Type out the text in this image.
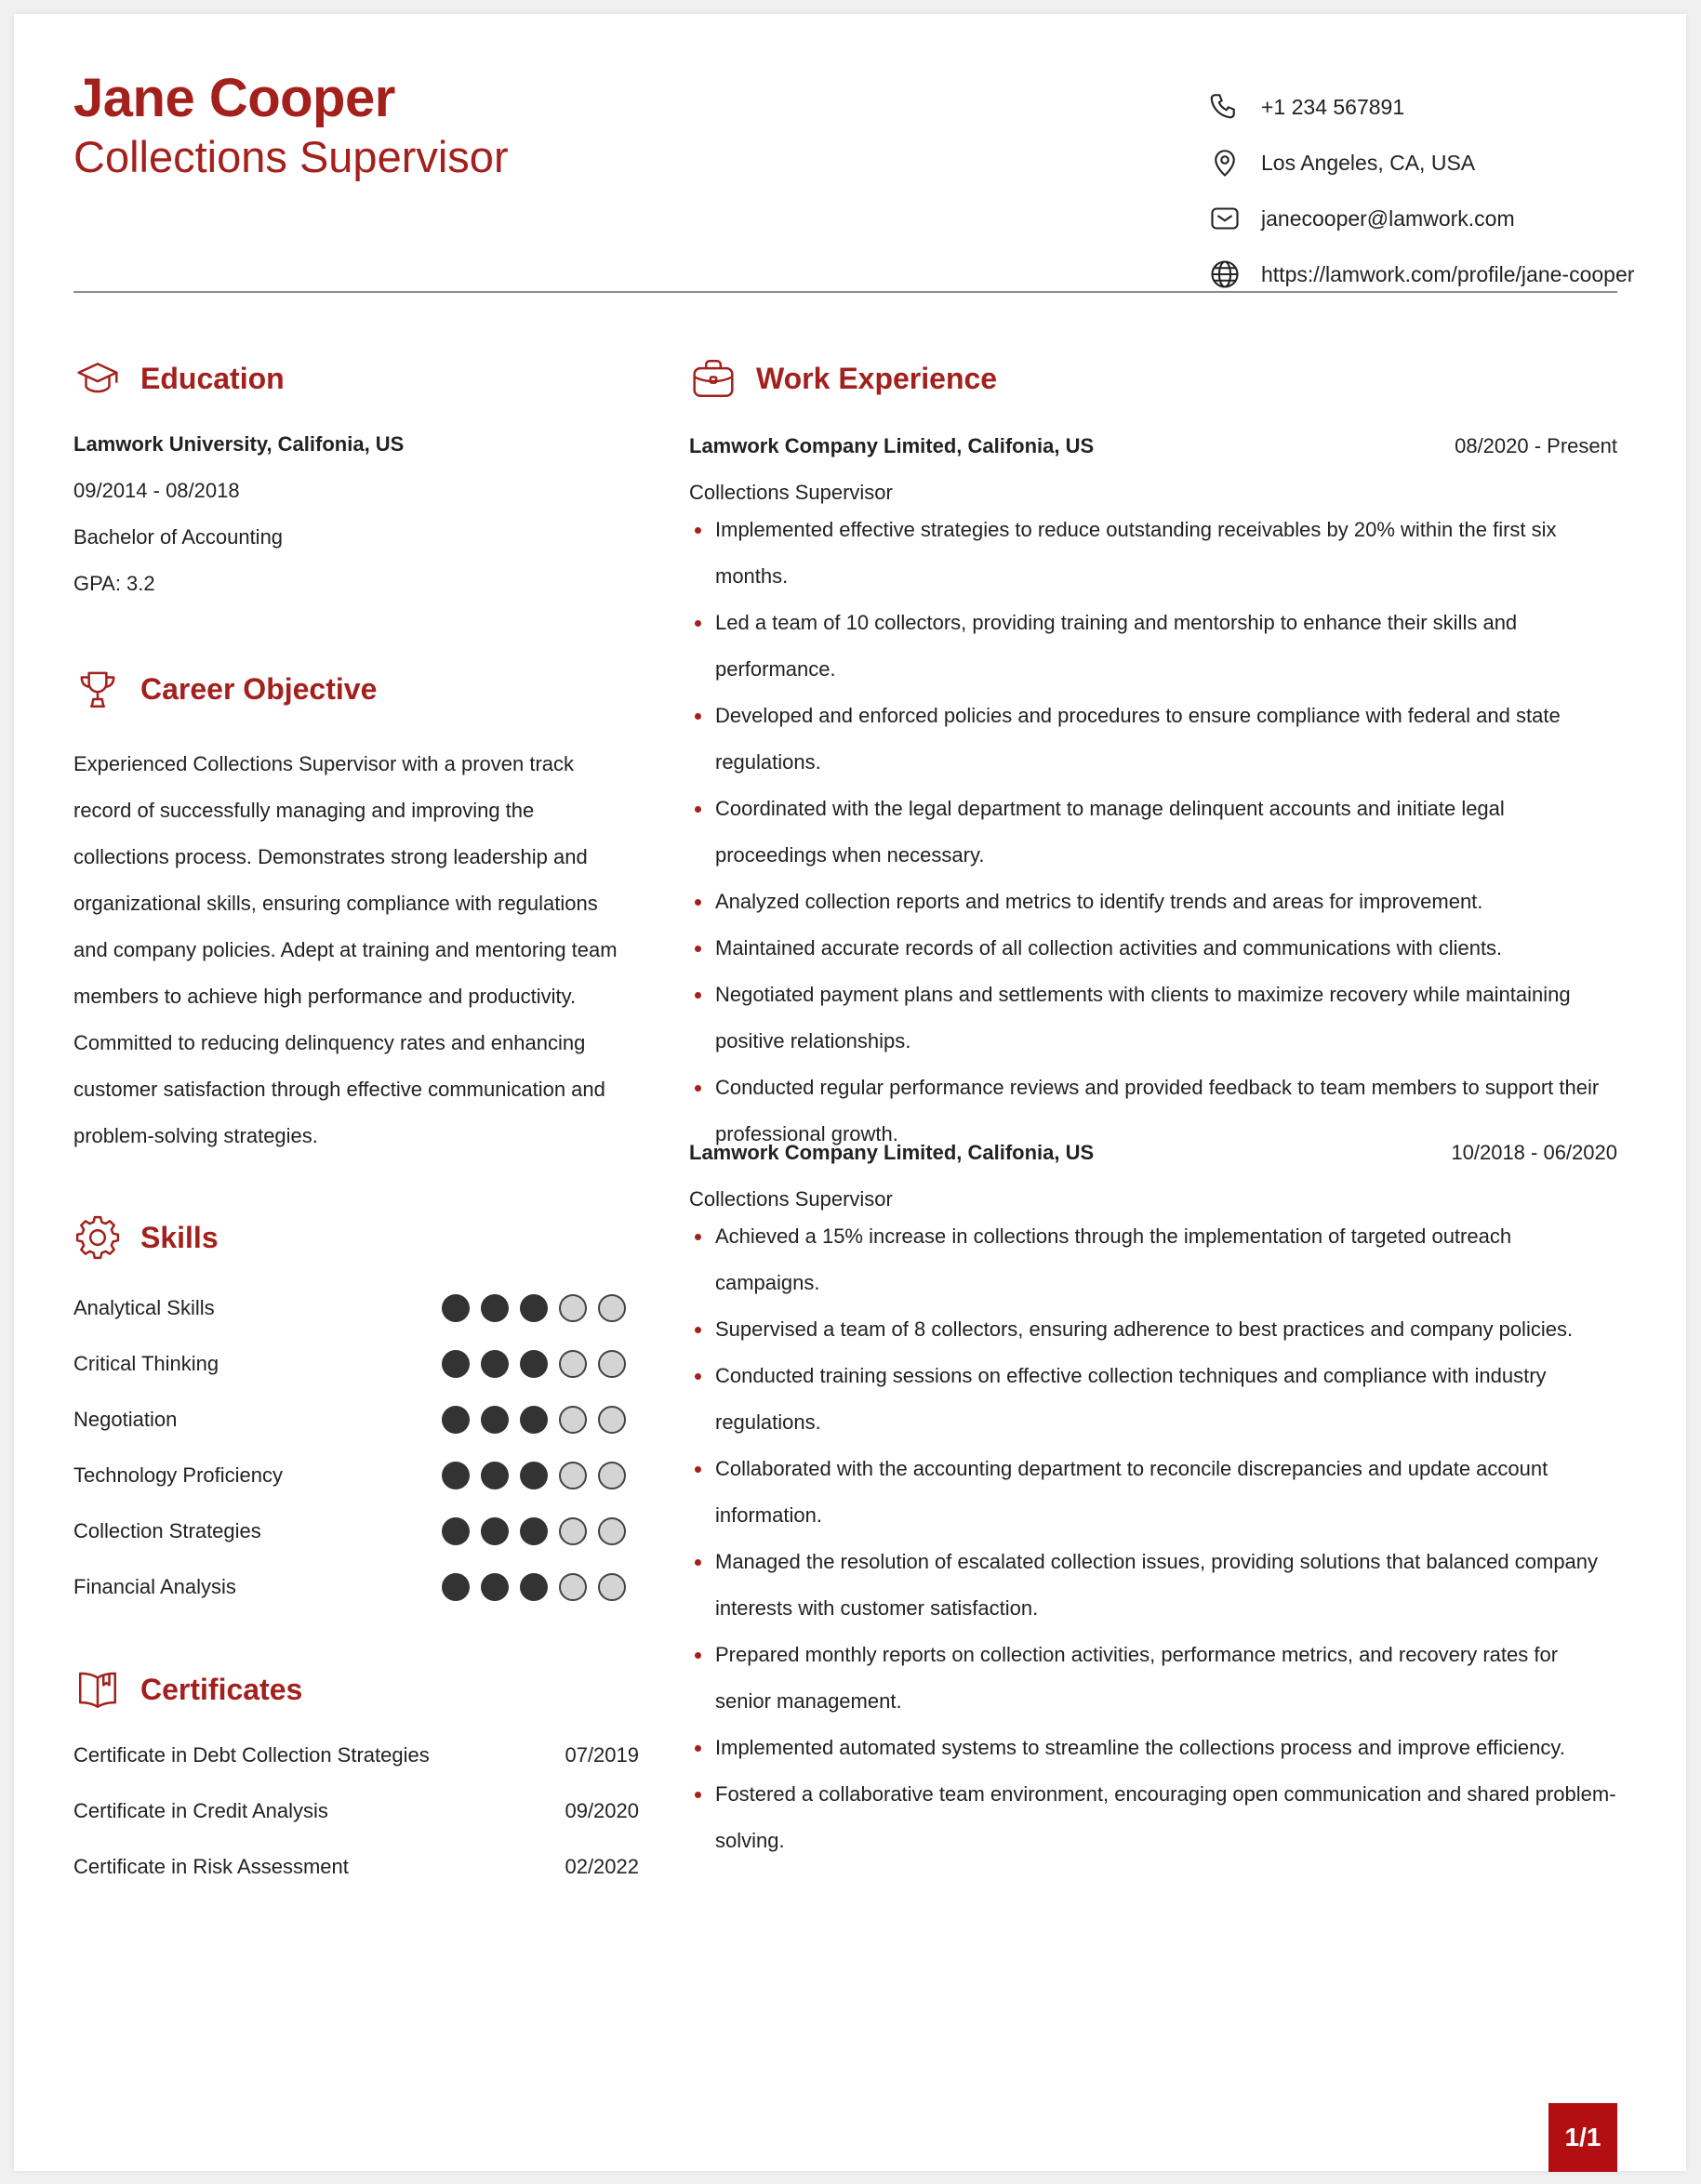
Jane Cooper
Collections Supervisor
+1 234 567891
Los Angeles, CA, USA
janecooper@lamwork.com
https://lamwork.com/profile/jane-cooper
Education
Lamwork University, Califonia, US
09/2014 - 08/2018
Bachelor of Accounting
GPA: 3.2
Career Objective

Experienced Collections Supervisor with a proven track record of successfully managing and improving the collections process. Demonstrates strong leadership and organizational skills, ensuring compliance with regulations and company policies. Adept at training and mentoring team members to achieve high performance and productivity. Committed to reducing delinquency rates and enhancing customer satisfaction through effective communication and problem-solving strategies.

Skills
Analytical Skills
Critical Thinking
Negotiation
Technology Proficiency
Collection Strategies
Financial Analysis
Certificates
Certificate in Debt Collection Strategies	07/2019
Certificate in Credit Analysis	09/2020
Certificate in Risk Assessment	02/2022
Work Experience
Lamwork Company Limited, Califonia, US	08/2020 - Present
Collections Supervisor
Implemented effective strategies to reduce outstanding receivables by 20% within the first six months.
Led a team of 10 collectors, providing training and mentorship to enhance their skills and performance.
Developed and enforced policies and procedures to ensure compliance with federal and state regulations.
Coordinated with the legal department to manage delinquent accounts and initiate legal proceedings when necessary.
Analyzed collection reports and metrics to identify trends and areas for improvement.
Maintained accurate records of all collection activities and communications with clients.
Negotiated payment plans and settlements with clients to maximize recovery while maintaining positive relationships.
Conducted regular performance reviews and provided feedback to team members to support their professional growth.
Lamwork Company Limited, Califonia, US	10/2018 - 06/2020
Collections Supervisor
Achieved a 15% increase in collections through the implementation of targeted outreach campaigns.
Supervised a team of 8 collectors, ensuring adherence to best practices and company policies.
Conducted training sessions on effective collection techniques and compliance with industry regulations.
Collaborated with the accounting department to reconcile discrepancies and update account information.
Managed the resolution of escalated collection issues, providing solutions that balanced company interests with customer satisfaction.
Prepared monthly reports on collection activities, performance metrics, and recovery rates for senior management.
Implemented automated systems to streamline the collections process and improve efficiency.
Fostered a collaborative team environment, encouraging open communication and shared problem-solving.
1/1
